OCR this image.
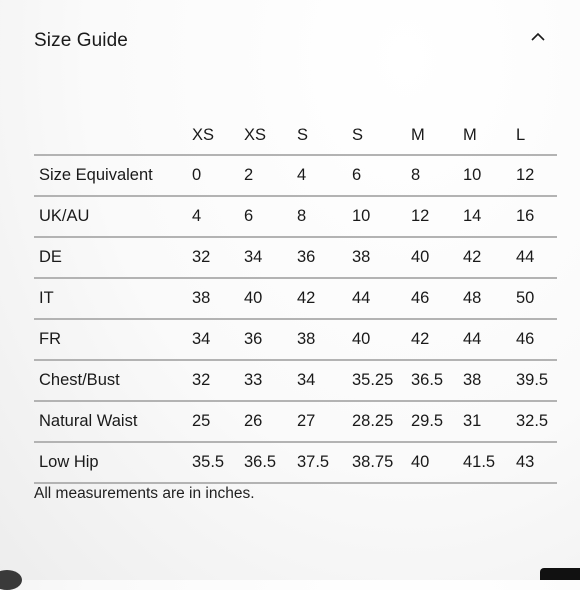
Size Guide
	XS	XS	S	S	M	M	L
Size Equivalent	0	2	4	6	8	10	12
UK/AU	4	6	8	10	12	14	16
DE	32	34	36	38	40	42	44
IT	38	40	42	44	46	48	50
FR	34	36	38	40	42	44	46
Chest/Bust	32	33	34	35.25	36.5	38	39.5
Natural Waist	25	26	27	28.25	29.5	31	32.5
Low Hip	35.5	36.5	37.5	38.75	40	41.5	43
All measurements are in inches.
